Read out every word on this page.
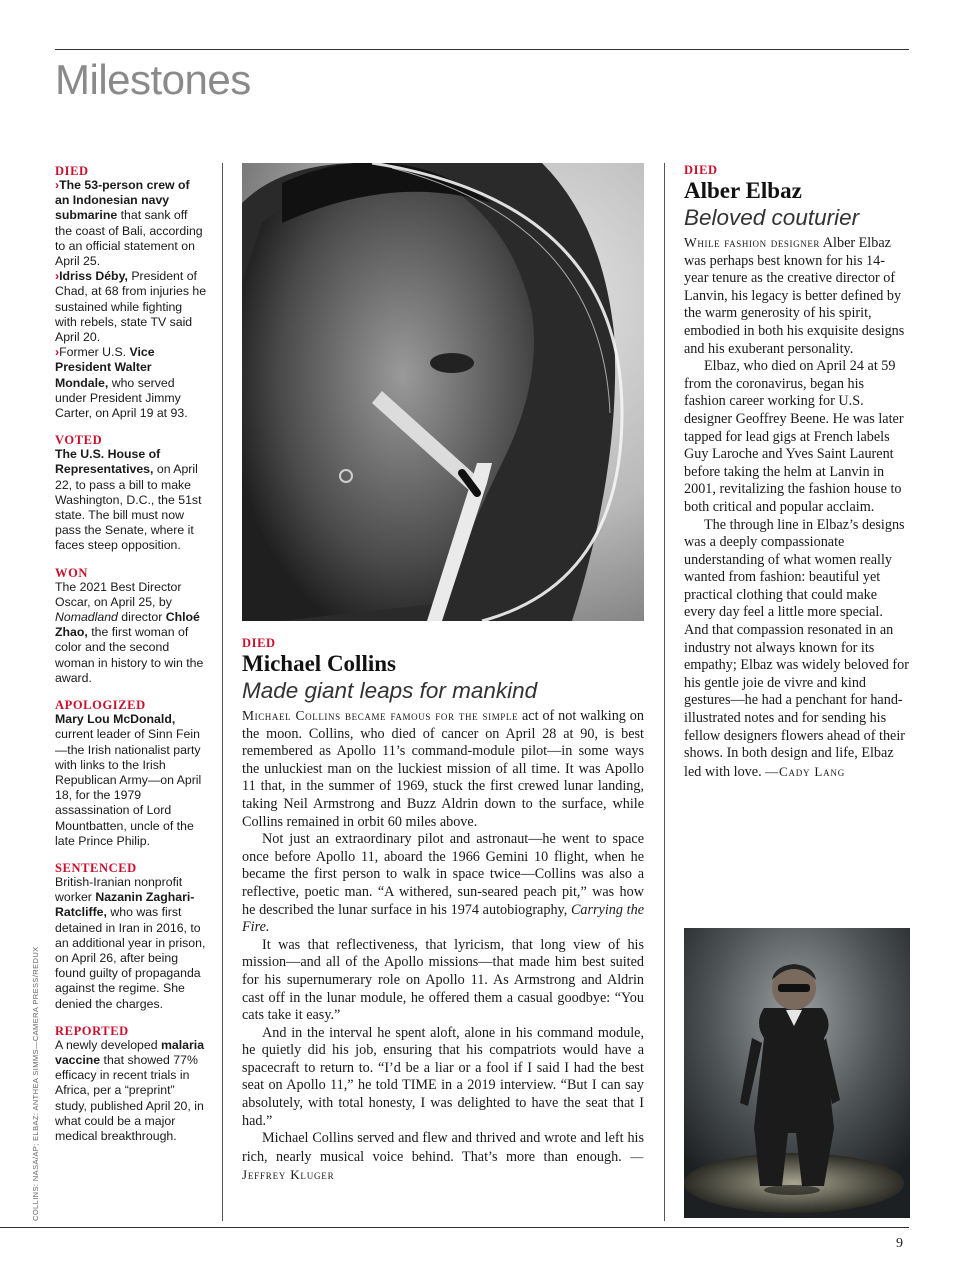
Milestones

DIED

›The 53-person crew of an Indonesian navy submarine that sank off the coast of Bali, according to an official statement on April 25.

›Idriss Déby, President of Chad, at 68 from injuries he sustained while fighting with rebels, state TV said April 20.

›Former U.S. Vice President Walter Mondale, who served under President Jimmy Carter, on April 19 at 93.

VOTED

The U.S. House of Representatives, on April 22, to pass a bill to make Washington, D.C., the 51st state. The bill must now pass the Senate, where it faces steep opposition.

WON

The 2021 Best Director Oscar, on April 25, by Nomadland director Chloé Zhao, the first woman of color and the second woman in history to win the award.

APOLOGIZED

Mary Lou McDonald, current leader of Sinn Fein—the Irish nationalist party with links to the Irish Republican Army—on April 18, for the 1979 assassination of Lord Mountbatten, uncle of the late Prince Philip.

SENTENCED

British-Iranian nonprofit worker Nazanin Zaghari-Ratcliffe, who was first detained in Iran in 2016, to an additional year in prison, on April 26, after being found guilty of propaganda against the regime. She denied the charges.

REPORTED

A newly developed malaria vaccine that showed 77% efficacy in recent trials in Africa, per a “preprint” study, published April 20, in what could be a major medical breakthrough.

COLLINS: NASA/AP; ELBAZ: ANTHEA SIMMS—CAMERA PRESS/REDUX

DIED

Michael Collins

Made giant leaps for mankind

Michael Collins became famous for the simple act of not walking on the moon. Collins, who died of cancer on April 28 at 90, is best remembered as Apollo 11’s command-module pilot—in some ways the unluckiest man on the luckiest mission of all time. It was Apollo 11 that, in the summer of 1969, stuck the first crewed lunar landing, taking Neil Armstrong and Buzz Aldrin down to the surface, while Collins remained in orbit 60 miles above.

Not just an extraordinary pilot and astronaut—he went to space once before Apollo 11, aboard the 1966 Gemini 10 flight, when he became the first person to walk in space twice—Collins was also a reflective, poetic man. “A withered, sun-seared peach pit,” was how he described the lunar surface in his 1974 autobiography, Carrying the Fire.

It was that reflectiveness, that lyricism, that long view of his mission—and all of the Apollo missions—that made him best suited for his supernumerary role on Apollo 11. As Armstrong and Aldrin cast off in the lunar module, he offered them a casual goodbye: “You cats take it easy.”

And in the interval he spent aloft, alone in his command module, he quietly did his job, ensuring that his compatriots would have a spacecraft to return to. “I’d be a liar or a fool if I said I had the best seat on Apollo 11,” he told TIME in a 2019 interview. “But I can say absolutely, with total honesty, I was delighted to have the seat that I had.”

Michael Collins served and flew and thrived and wrote and left his rich, nearly musical voice behind. That’s more than enough. —Jeffrey Kluger

DIED

Alber Elbaz

Beloved couturier

While fashion designer Alber Elbaz was perhaps best known for his 14-year tenure as the creative director of Lanvin, his legacy is better defined by the warm generosity of his spirit, embodied in both his exquisite designs and his exuberant personality.

Elbaz, who died on April 24 at 59 from the coronavirus, began his fashion career working for U.S. designer Geoffrey Beene. He was later tapped for lead gigs at French labels Guy Laroche and Yves Saint Laurent before taking the helm at Lanvin in 2001, revitalizing the fashion house to both critical and popular acclaim.

The through line in Elbaz’s designs was a deeply compassionate understanding of what women really wanted from fashion: beautiful yet practical clothing that could make every day feel a little more special. And that compassion resonated in an industry not always known for its empathy; Elbaz was widely beloved for his gentle joie de vivre and kind gestures—he had a penchant for hand-illustrated notes and for sending his fellow designers flowers ahead of their shows. In both design and life, Elbaz led with love. —Cady Lang

9
